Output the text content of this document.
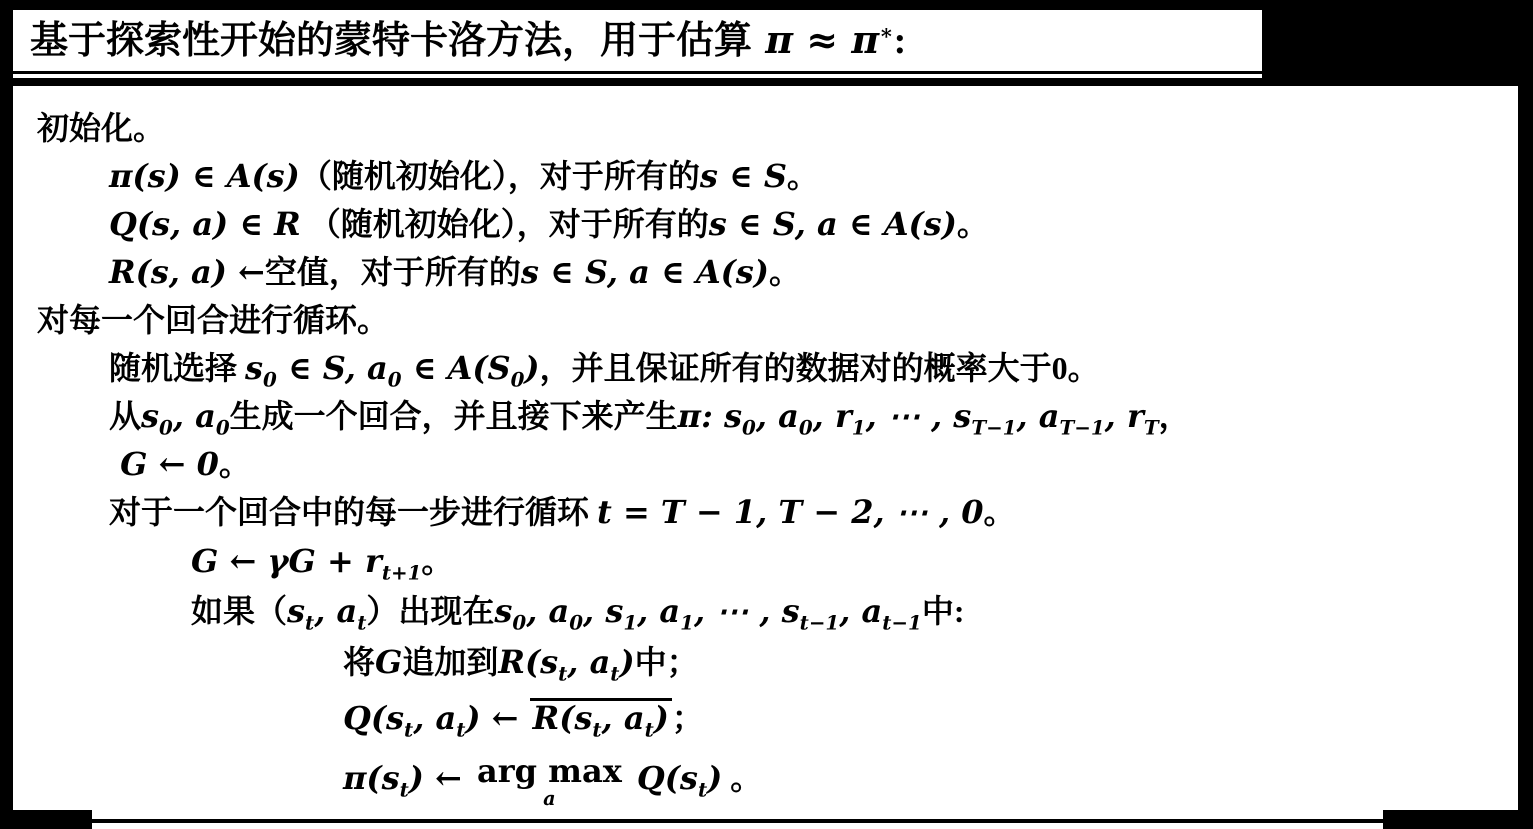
基于探索性开始的蒙特卡洛方法，用于估算 π ≈ π∗:
初始化。
π(s) ∈ A(s)（随机初始化），对于所有的s ∈ S。
Q(s, a) ∈ R （随机初始化），对于所有的s ∈ S, a ∈ A(s)。
R(s, a) ←空值，对于所有的s ∈ S, a ∈ A(s)。
对每一个回合进行循环。
随机选择 $s_0$ ∈ S, $a_0$ ∈ $A(S_0)$，并且保证所有的数据对的概率大于0。
从$s_0$, $a_0$生成一个回合，并且接下来产生π: $s_0$, $a_0$, $r_1$, ⋯ , $s_{T-1}$, $a_{T-1}$, $r_T$，
G ← 0。
对于一个回合中的每一步进行循环 t = T − 1, T − 2, ⋯ , 0。
G ← $\gamma G + r_{t+1}$。
如果（$s_t$, $a_t$）出现在$s_0$, $a_0$, $s_1$, $a_1$, ⋯ , $s_{t-1}$, $a_{t-1}$中:
将G追加到$R(s_t$, $a_t$)中；
$Q(s_t$, $a_t$) ← $R(s_t$, $a_t$)；
$\pi(s_t)$ ← arg max
a
$Q(s_t)$ 。
